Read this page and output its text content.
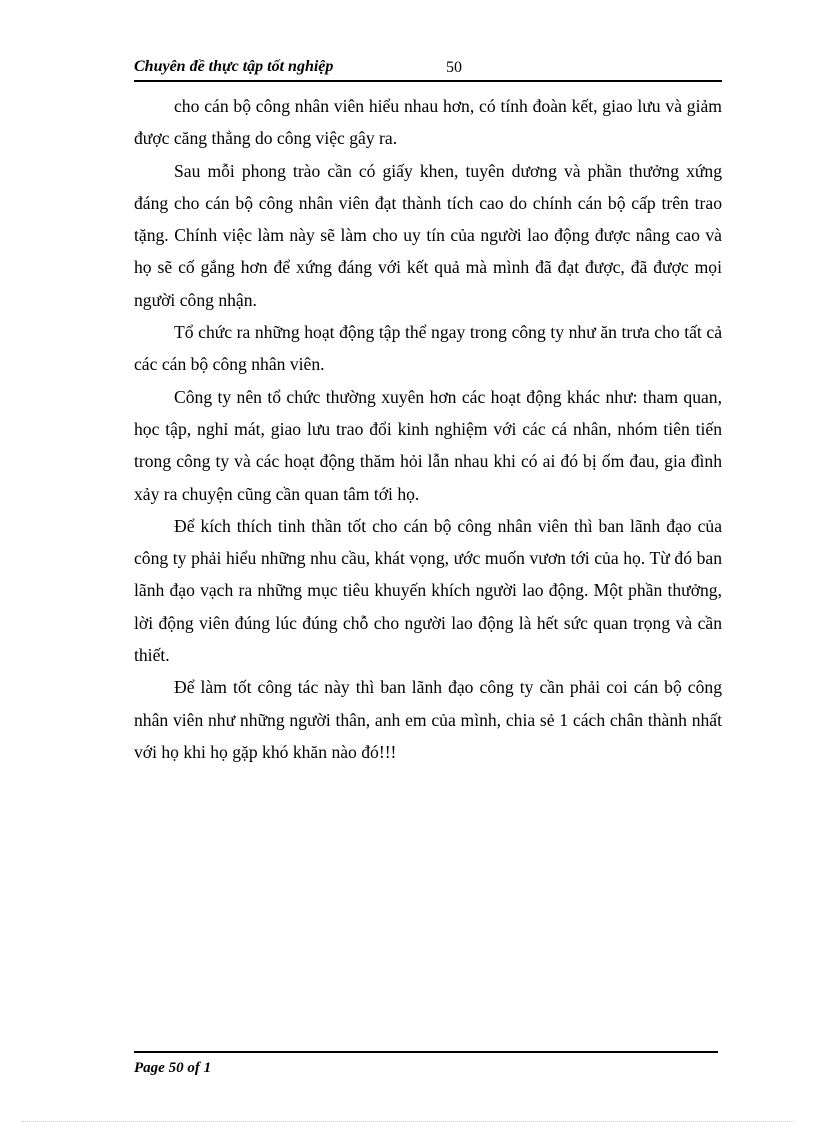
Chuyên đề thực tập tốt nghiệp	50

cho cán bộ công nhân viên hiểu nhau hơn, có tính đoàn kết, giao lưu và giảm được căng thẳng do công việc gây ra.

Sau mỗi phong trào cần có giấy khen, tuyên dương và phần thưởng xứng đáng cho cán bộ công nhân viên đạt thành tích cao do chính cán bộ cấp trên trao tặng. Chính việc làm này sẽ làm cho uy tín của người lao động được nâng cao và họ sẽ cố gắng hơn để xứng đáng với kết quả mà mình đã đạt được, đã được mọi người công nhận.

Tổ chức ra những hoạt động tập thể ngay trong công ty như ăn trưa cho tất cả các cán bộ công nhân viên.

Công ty nên tổ chức thường xuyên hơn các hoạt động khác như: tham quan, học tập, nghỉ mát, giao lưu trao đổi kinh nghiệm với các cá nhân, nhóm tiên tiến trong công ty và các hoạt động thăm hỏi lẫn nhau khi có ai đó bị ốm đau, gia đình xảy ra chuyện cũng cần quan tâm tới họ.

Để kích thích tinh thần tốt cho cán bộ công nhân viên thì ban lãnh đạo của công ty phải hiểu những nhu cầu, khát vọng, ước muốn vươn tới của họ. Từ đó ban lãnh đạo vạch ra những mục tiêu khuyến khích người lao động. Một phần thưởng, lời động viên đúng lúc đúng chỗ cho người lao động là hết sức quan trọng và cần thiết.

Để làm tốt công tác này thì ban lãnh đạo công ty cần phải coi cán bộ công nhân viên như những người thân, anh em của mình, chia sẻ 1 cách chân thành nhất với họ khi họ gặp khó khăn nào đó!!!

Page 50 of 1
